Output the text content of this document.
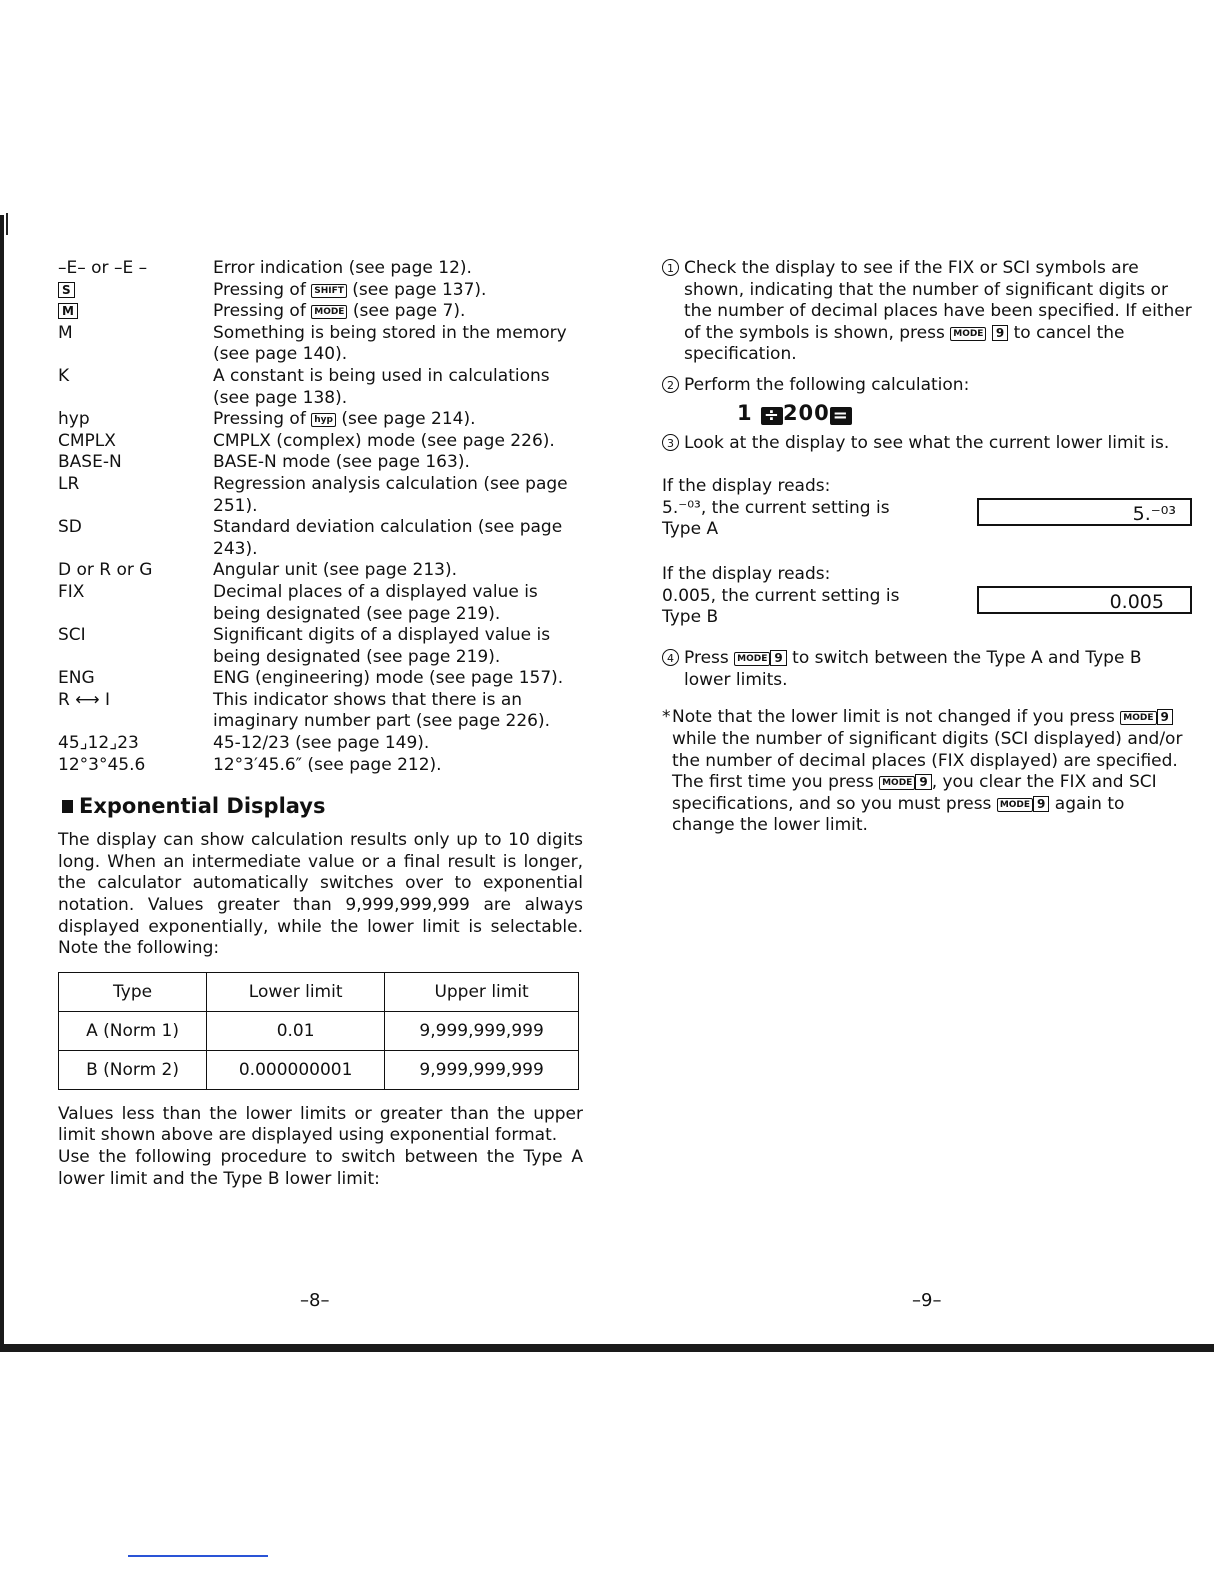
–E– or –E –	Error indication (see page 12).
S	Pressing of SHIFT (see page 137).
M	Pressing of MODE (see page 7).
M	Something is being stored in the memory (see page 140).
K	A constant is being used in calculations (see page 138).
hyp	Pressing of hyp (see page 214).
CMPLX	CMPLX (complex) mode (see page 226).
BASE-N	BASE-N mode (see page 163).
LR	Regression analysis calculation (see page 251).
SD	Standard deviation calculation (see page 243).
D or R or G	Angular unit (see page 213).
FIX	Decimal places of a displayed value is being designated (see page 219).
SCI	Significant digits of a displayed value is being designated (see page 219).
ENG	ENG (engineering) mode (see page 157).
R ⟷ I	This indicator shows that there is an imaginary number part (see page 226).
45⌟12⌟23	45-12/23 (see page 149).
12°3°45.6	12°3′45.6″ (see page 212).
Exponential Displays
The display can show calculation results only up to 10 digits long. When an intermediate value or a final result is longer, the calculator automatically switches over to exponential notation. Values greater than 9,999,999,999 are always displayed exponentially, while the lower limit is selectable. Note the following:
Type	Lower limit	Upper limit
A (Norm 1)	0.01	9,999,999,999
B (Norm 2)	0.000000001	9,999,999,999
Values less than the lower limits or greater than the upper limit shown above are displayed using exponential format.
Use the following procedure to switch between the Type A lower limit and the Type B lower limit:
–8–
1 Check the display to see if the FIX or SCI symbols are shown, indicating that the number of significant digits or the number of decimal places have been specified. If either of the symbols is shown, press MODE 9 to cancel the specification.
2 Perform the following calculation:
1 ÷ 200 =
3 Look at the display to see what the current lower limit is.
If the display reads:
5.⁻⁰³, the current setting is
Type A
5.⁻⁰³
If the display reads:
0.005, the current setting is
Type B
0.005
4 Press MODE 9 to switch between the Type A and Type B lower limits.
* Note that the lower limit is not changed if you press MODE 9 while the number of significant digits (SCI displayed) and/or the number of decimal places (FIX displayed) are specified. The first time you press MODE 9 , you clear the FIX and SCI specifications, and so you must press MODE 9 again to change the lower limit.
–9–
